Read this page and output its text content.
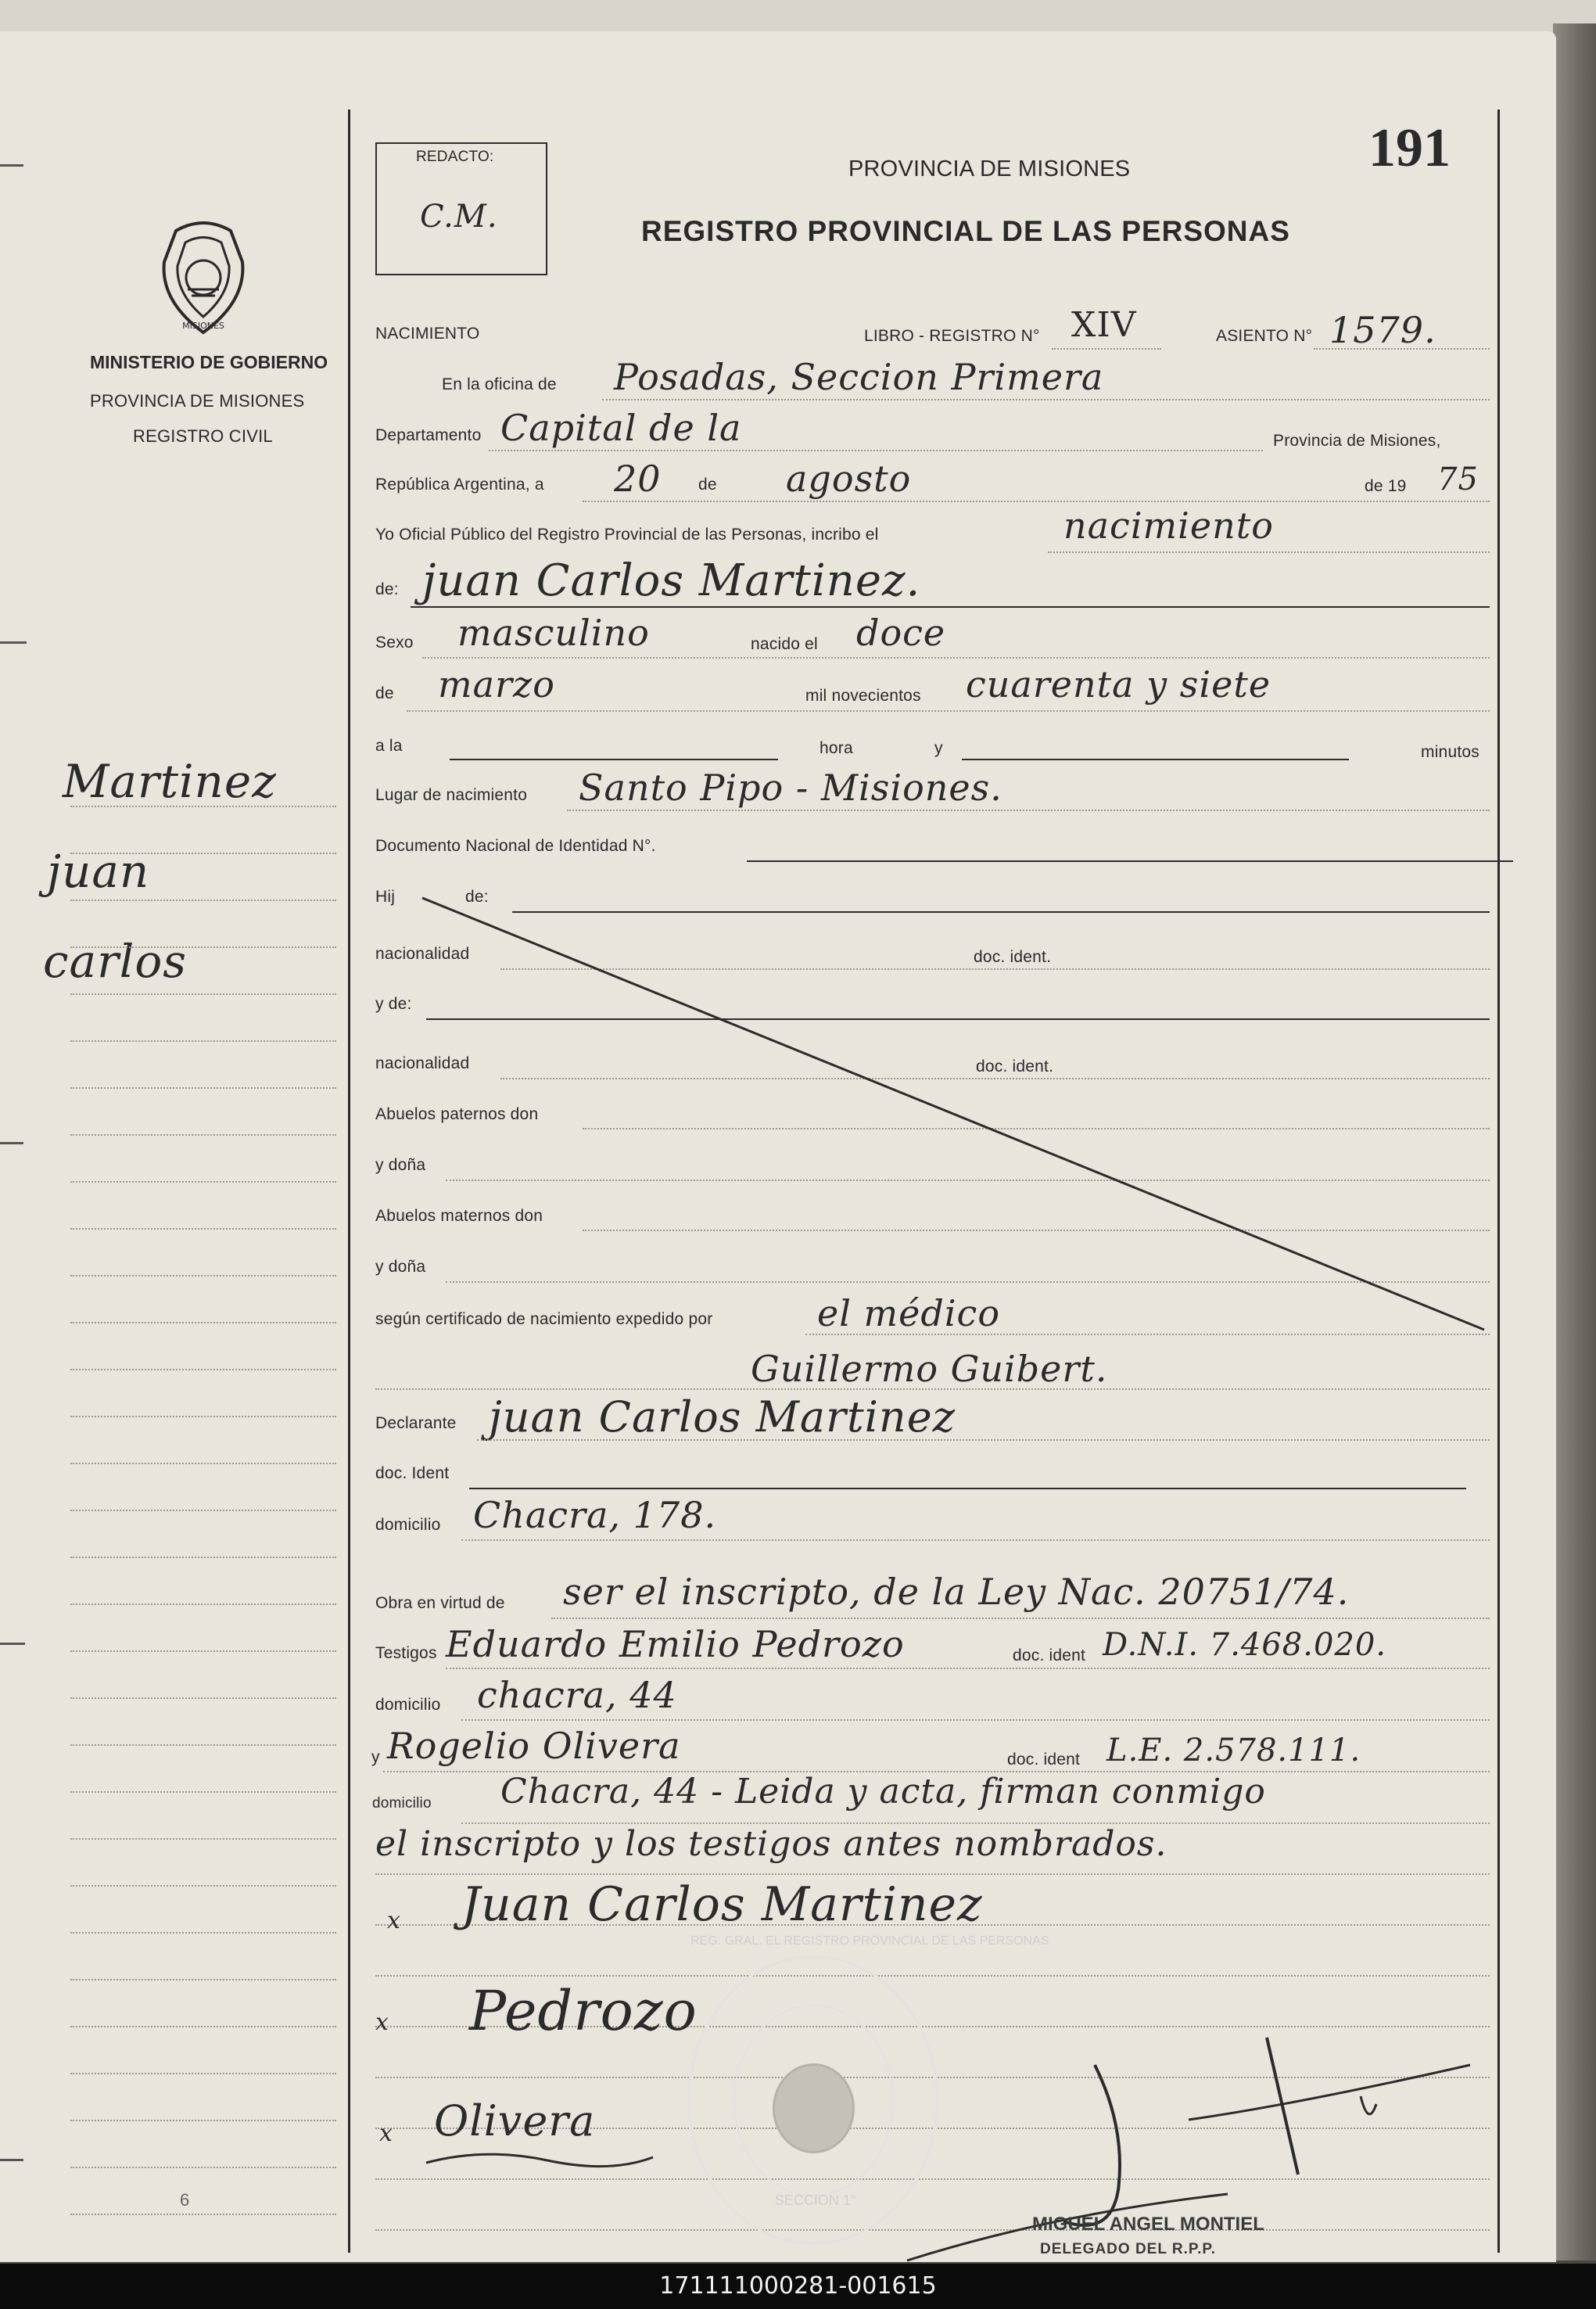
REDACTO:
C.M.
PROVINCIA DE MISIONES
REGISTRO PROVINCIAL DE LAS PERSONAS
191
MISIONES
MINISTERIO DE GOBIERNO
PROVINCIA DE MISIONES
REGISTRO CIVIL
Martinez
juan
carlos
6
NACIMIENTO	LIBRO - REGISTRO N° XIV	ASIENTO N° 1579.
En la oficina de Posadas, Seccion Primera
Departamento Capital de la	Provincia de Misiones,
República Argentina, a 20 de agosto	de 19 75
Yo Oficial Público del Registro Provincial de las Personas, incribo el	nacimiento
de: juan Carlos Martinez.
Sexo masculino	nacido el doce
de marzo	mil novecientos cuarenta y siete
a la	hora	y	minutos
Lugar de nacimiento Santo Pipo - Misiones.
Documento Nacional de Identidad N°.
Hij	de:
nacionalidad	doc. ident.
y de:
nacionalidad	doc. ident.
Abuelos paternos don
y doña
Abuelos maternos don
y doña
según certificado de nacimiento expedido por	el médico
Guillermo Guibert.
Declarante juan Carlos Martinez
doc. Ident
domicilio Chacra, 178.
Obra en virtud de ser el inscripto, de la Ley Nac. 20751/74.
Testigos Eduardo Emilio Pedrozo	doc. ident D.N.I. 7.468.020.
domicilio chacra, 44
y Rogelio Olivera	doc. ident L.E. 2.578.111.
domicilio Chacra, 44 - Leida y acta, firman conmigo
el inscripto y los testigos antes nombrados.
x Juan Carlos Martinez
x Pedrozo
x Olivera
REG. GRAL. EL REGISTRO PROVINCIAL DE LAS PERSONAS
SECCION 1°
MIGUEL ANGEL MONTIEL
DELEGADO DEL R.P.P.
171111000281-001615
